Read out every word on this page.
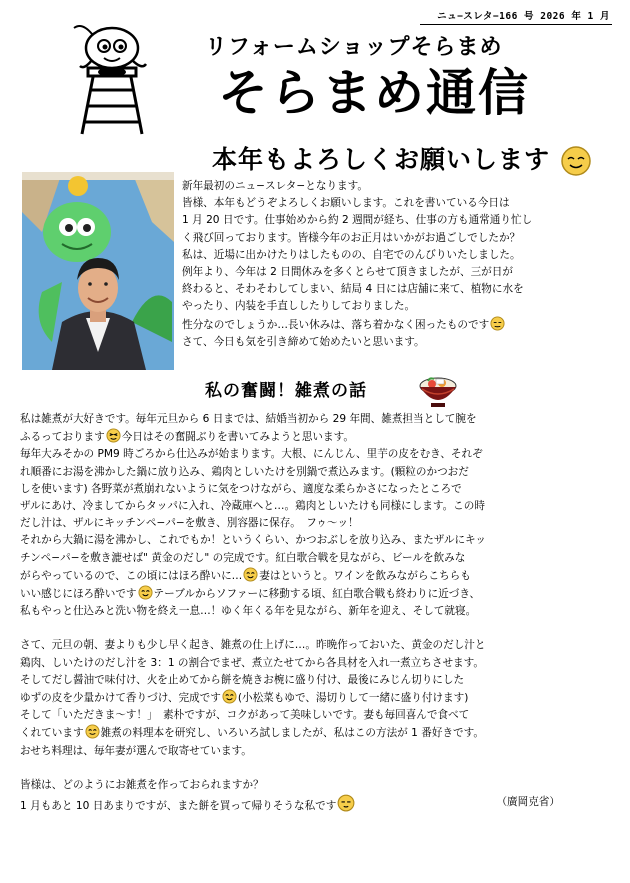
ニュ−スレタ−166 号 2026 年 1 月
リフォームショップそらまめ
そらまめ通信
本年もよろしくお願いします

新年最初のニュ−スレタ−となります。

皆様、本年もどうぞよろしくお願いします。これを書いている今日は

1 月 20 日です。仕事始めから約 2 週間が経ち、仕事の方も通常通り忙し

く飛び回っております。皆様今年のお正月はいかがお過ごしでしたか？

私は、近場に出かけたりはしたものの、自宅でのんびりいたしました。

例年より、今年は 2 日間休みを多くとらせて頂きましたが、三が日が

終わると、そわそわしてしまい、結局 4 日には店舗に来て、植物に水を

やったり、内装を手直ししたりしておりました。

性分なのでしょうか…長い休みは、落ち着かなく困ったものです

さて、今日も気を引き締めて始めたいと思います。

私の奮闘！雑煮の話

私は雑煮が大好きです。毎年元旦から 6 日までは、結婚当初から 29 年間、雑煮担当として腕を

ふるっております 今日はその奮闘ぶりを書いてみようと思います。

毎年大みそかの PM9 時ごろから仕込みが始まります。大根、にんじん、里芋の皮をむき、それぞ

れ順番にお湯を沸かした鍋に放り込み、鶏肉としいたけを別鍋で煮込みます。(顆粒のかつおだ

しを使います) 各野菜が煮崩れないように気をつけながら、適度な柔らかさになったところで

ザルにあけ、冷ましてからタッパに入れ、冷蔵庫へと…。鶏肉としいたけも同様にします。この時

だし汁は、ザルにキッチンペ−パ−を敷き、別容器に保存。　フゥ〜ッ！

それから大鍋に湯を沸かし、これでもか！というくらい、かつおぶしを放り込み、またザルにキッ

チンペ−パ−を敷き漉せば" 黄金のだし" の完成です。紅白歌合戦を見ながら、ビールを飲みな

がらやっているので、この頃にはほろ酔いに… 妻はというと。ワインを飲みながらこちらも

いい感じにほろ酔いです テーブルからソファーに移動する頃、紅白歌合戦も終わりに近づき、

私もやっと仕込みと洗い物を終え一息…！ゆく年くる年を見ながら、新年を迎え、そして就寝。

さて、元旦の朝、妻よりも少し早く起き、雑煮の仕上げに…。昨晩作っておいた、黄金のだし汁と

鶏肉、しいたけのだし汁を 3：1 の割合でまぜ、煮立たせてから各具材を入れ一煮立ちさせます。

そしてだし醤油で味付け、火を止めてから餅を焼きお椀に盛り付け、最後にみじん切りにした

ゆずの皮を少量かけて香りづけ、完成です (小松菜もゆで、湯切りして一緒に盛り付けます)

そして「いただきま〜す！」　素朴ですが、コクがあって美味しいです。妻も毎回喜んで食べて

くれています 雑煮の料理本を研究し、いろいろ試しましたが、私はこの方法が 1 番好きです。

おせち料理は、毎年妻が選んで取寄せています。

皆様は、どのようにお雑煮を作っておられますか？

1 月もあと 10 日あまりですが、また餅を買って帰りそうな私です	（廣岡克省）
